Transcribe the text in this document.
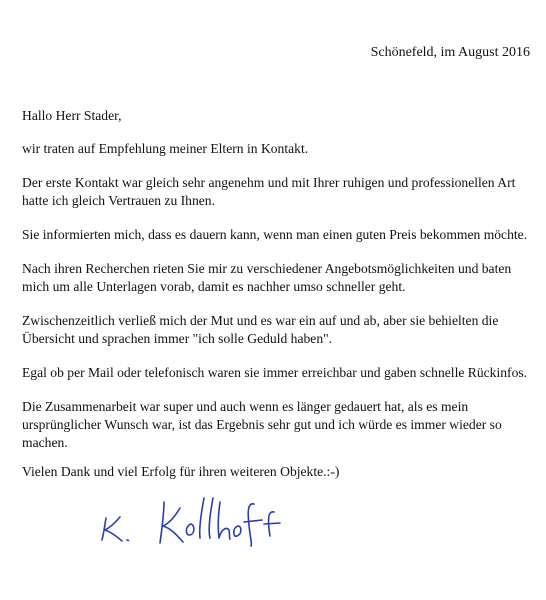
Schönefeld, im August 2016

Hallo Herr Stader,

wir traten auf Empfehlung meiner Eltern in Kontakt.

Der erste Kontakt war gleich sehr angenehm und mit Ihrer ruhigen und professionellen Art
hatte ich gleich Vertrauen zu Ihnen.

Sie informierten mich, dass es dauern kann, wenn man einen guten Preis bekommen möchte.

Nach ihren Recherchen rieten Sie mir zu verschiedener Angebotsmöglichkeiten und baten
mich um alle Unterlagen vorab, damit es nachher umso schneller geht.

Zwischenzeitlich verließ mich der Mut und es war ein auf und ab, aber sie behielten die
Übersicht und sprachen immer "ich solle Geduld haben".

Egal ob per Mail oder telefonisch waren sie immer erreichbar und gaben schnelle Rückinfos.

Die Zusammenarbeit war super und auch wenn es länger gedauert hat, als es mein
ursprünglicher Wunsch war, ist das Ergebnis sehr gut und ich würde es immer wieder so
machen.

Vielen Dank und viel Erfolg für ihren weiteren Objekte.:-)
